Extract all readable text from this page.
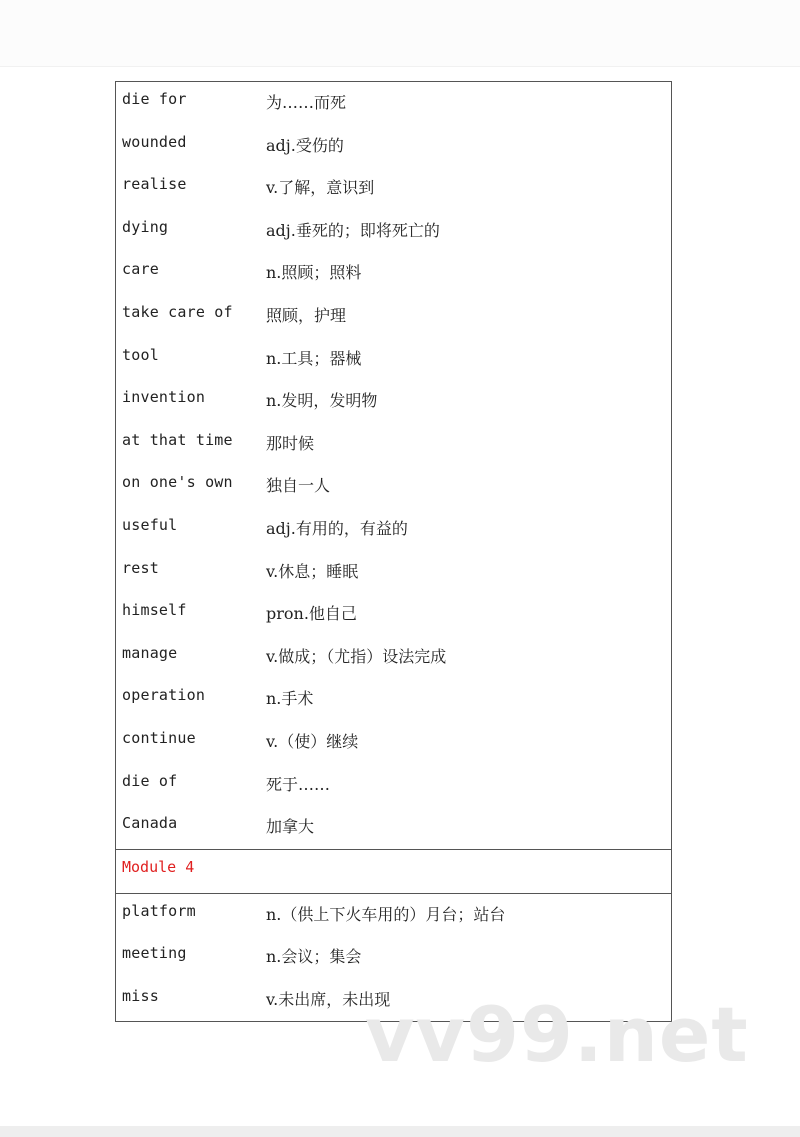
die for	为……而死
wounded	adj.受伤的
realise	v.了解，意识到
dying	adj.垂死的；即将死亡的
care	n.照顾；照料
take care of 照顾，护理
tool	n.工具；器械
invention	n.发明，发明物
at that time 那时候
on one's own 独自一人
useful	adj.有用的，有益的
rest	v.休息；睡眠
himself	pron.他自己
manage	v.做成；（尤指）设法完成
operation	n.手术
continue	v.（使）继续
die of	死于……
Canada	加拿大
Module 4
platform	n.（供上下火车用的）月台；站台
meeting	n.会议；集会
miss	v.未出席，未出现
vv99.net
